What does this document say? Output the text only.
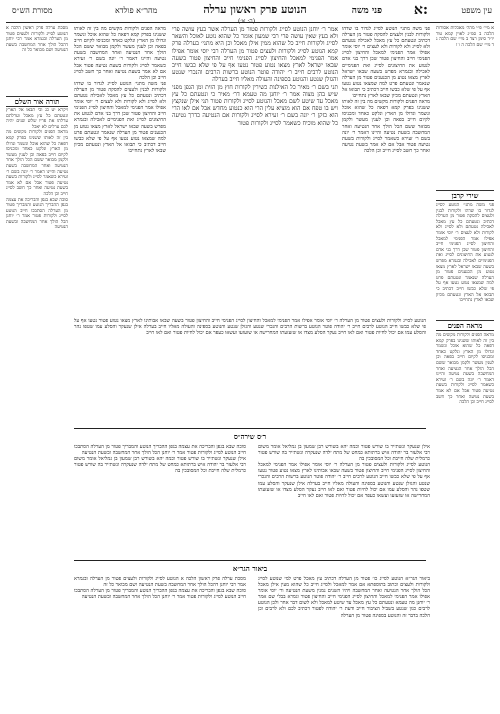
עין משפט
א:
פני משה
הנוטע פרק ראשון ערלה
מהר״א פולדא
מסורת הש״ס
א מיי׳ פ״י מהל׳ מאכלות אסורות הלכה ב סמ״ג לאוין קמא טור יו״ד סימן רצד ב מיי׳ שם הלכה ג ד מיי׳ שם הלכה ה ו ז
שירי קרבן
פני משה מתני׳ הנוטע לסייג לגדור בו שדהו ולקורות לבנין ולעצים להסקה פטור מן הערלה דכתיב ונטעתם כל עץ מאכל לאכילה נטעתם ולא לסייג ולא לקורות ולא לעצים ר׳ יוסי אומר אפילו אמר הפנימי למאכל והחיצון לסייג הפנימי חייב והחיצון פטור שכן דרך בני אדם לנטוע את החיצונים לסייג ואת הפנימיים לאכילה ובגמרא מפרש בשעה שבאו ישראל לארץ מצאו נטוע מן הכנענים פטור מן הערלה שנאמר ונטעתם פרט למה שמצאו נטוע נטעו אף על פי שלא כבשו חייב דכתיב כי תבואו אל הארץ ונטעתם מכיון שבאו לארץ נתחייבו
מראה הפנים
מראה הפנים ולקורות מקשים מה בין זה לאותו ששנינו בפרק קמא דפאה כל שהוא אוכל ונשמר וגדולו מן הארץ ונלקט כאחד ומכניסו לקיום חייב בפאה וכן לענין מעשר ולקמן מבואר ששם הכל הולך אחר הנטיעה ואחר המחשבה בשעת נטיעה והיינו דאמר ר׳ יונה בשם ר׳ זעירא כשאמר לסייג ולקורות בשעת נטיעה פטור אבל אם לא אמר בשעת נטיעה ואחר כך חשב לסייג חייב וכן הלכה
מסכת ערלה פרק ראשון הלכה א הנוטע לסייג ולקורות ולעצים פטור מן הערלה ובגמרא אמר רבי יוחנן דהכל הולך אחר המחשבה בשעת הנטיעה ושם מבואר כל זה
תורה אור השלם
ויקרא יט כג וכי תבאו אל הארץ ונטעתם כל עץ מאכל וערלתם ערלתו את פריו שלש שנים יהיה לכם ערלים לא יאכל
מראה הפנים ולקורות מקשים מה בין זה לאותו ששנינו בפרק קמא דפאה כל שהוא אוכל ונשמר וגדולו מן הארץ ונלקט כאחד ומכניסו לקיום חייב בפאה וכן לענין מעשר ולקמן מבואר ששם הכל הולך אחר הנטיעה ואחר המחשבה בשעת נטיעה והיינו דאמר ר׳ יונה בשם ר׳ זעירא כשאמר לסייג ולקורות בשעת נטיעה פטור אבל אם לא אמר בשעת נטיעה ואחר כך חשב לסייג חייב וכן הלכה
סוכה שבא בגפן והבריכה את עצמה בגפן ההבריך הנוטע והמבריך פטור מן הערלה הסתבכו חייב הנוטע לסייג ולקורות פטור אמר ר׳ יוחנן הכל הולך אחר המחשבה ובשעת הנטיעה
פני משה מתני׳ הנוטע לסייג לגדור בו שדהו ולקורות לבנין ולעצים להסקה פטור מן הערלה דכתיב ונטעתם כל עץ מאכל לאכילה נטעתם ולא לסייג ולא לקורות ולא לעצים ר׳ יוסי אומר אפילו אמר הפנימי למאכל והחיצון לסייג הפנימי חייב והחיצון פטור שכן דרך בני אדם לנטוע את החיצונים לסייג ואת הפנימיים לאכילה ובגמרא מפרש בשעה שבאו ישראל לארץ מצאו נטוע מן הכנענים פטור מן הערלה שנאמר ונטעתם פרט למה שמצאו נטוע נטעו אף על פי שלא כבשו חייב דכתיב כי תבואו אל הארץ ונטעתם מכיון שבאו לארץ נתחייבו
מראה הפנים ולקורות מקשים מה בין זה לאותו ששנינו בפרק קמא דפאה כל שהוא אוכל ונשמר וגדולו מן הארץ ונלקט כאחד ומכניסו לקיום חייב בפאה וכן לענין מעשר ולקמן מבואר ששם הכל הולך אחר הנטיעה ואחר המחשבה בשעת נטיעה והיינו דאמר ר׳ יונה בשם ר׳ זעירא כשאמר לסייג ולקורות בשעת נטיעה פטור אבל אם לא אמר בשעת נטיעה ואחר כך חשב לסייג חייב וכן הלכה
מראה הפנים ולקורות מקשים מה בין זה לאותו ששנינו בפרק קמא דפאה כל שהוא אוכל ונשמר וגדולו מן הארץ ונלקט כאחד ומכניסו לקיום חייב בפאה וכן לענין מעשר ולקמן מבואר ששם הכל הולך אחר הנטיעה ואחר המחשבה בשעת נטיעה והיינו דאמר ר׳ יונה בשם ר׳ זעירא כשאמר לסייג ולקורות בשעת נטיעה פטור אבל אם לא אמר בשעת נטיעה ואחר כך חשב לסייג חייב וכן הלכה
פני משה מתני׳ הנוטע לסייג לגדור בו שדהו ולקורות לבנין ולעצים להסקה פטור מן הערלה דכתיב ונטעתם כל עץ מאכל לאכילה נטעתם ולא לסייג ולא לקורות ולא לעצים ר׳ יוסי אומר אפילו אמר הפנימי למאכל והחיצון לסייג הפנימי חייב והחיצון פטור שכן דרך בני אדם לנטוע את החיצונים לסייג ואת הפנימיים לאכילה ובגמרא מפרש בשעה שבאו ישראל לארץ מצאו נטוע מן הכנענים פטור מן הערלה שנאמר ונטעתם פרט למה שמצאו נטוע נטעו אף על פי שלא כבשו חייב דכתיב כי תבואו אל הארץ ונטעתם מכיון שבאו לארץ נתחייבו
אמר ר׳ יוחנן הנוטע לסייג ולקורות פטור מן הערלה אשר בעץ עושה פרי ולא בעץ שאין עושה פרי רבי שמעון אומר כל שהוא נוטע לאוכל והשאר לסייג ולקורות חייב כל שהוא ממין אילן מאכל וכן היא מתני׳ בערלה פרק קמא הנוטע לסייג ולקורות ולעצים פטור מן הערלה רבי יוסי אומר אפילו אמר הפנימי למאכל והחיצון לסייג הפנימי חייב והחיצון פטור בשעה שבאו ישראל לארץ מצאו נטוע פטור נטעו אף על פי שלא כבשו חייב הנוטע לרבים חייב ר׳ יהודה פוטר הנוטע ברשות הרבים והנכרי שנטע והגזלן שנטע והנוטע בספינה והעולה מאליו חייב בערלה
תני בשם ר׳ מאיר כל האילנות כשירין לקורות חוץ מן הזית ומן הגפן מפני שיש בהן מצוה אמר ר׳ יוחנן מה טעמא דר׳ מאיר כי ונטעתם כל עץ מאכל עד שיטע לשם מאכל והנוטע לסייג ולקורות פטור תני אילן שנקצץ ויש בו טפח אם הוא מוציא עלין הרי הוא כנטוע מחדש אבל אם לאו הרי הוא כזקן ר׳ יונה בשם ר׳ זעירא לסייג ולקורות אם הנטיעה כדרך נטיעה כל שהוא מוכיח כשאמר לסייג ולקורות פטור
הנוטע לסייג ולקורות ולעצים פטור מן הערלה ר׳ יוסי אומר אפילו אמר הפנימי למאכל והחיצון לסייג הפנימי חייב והחיצון פטור בשעה שבאו אבותינו לארץ מצאו נטוע פטור נטעו אף על פי שלא כבשו חייב הנוטע לרבים חייב ר׳ יהודה פוטר הנוטע ברשות הרבים והנכרי שנטע והגזלן שנטע והנוטע בספינה והעולה מאליו חייב בערלה אילן שנעקר והסלע עמו שטפו נהר והסלע עמו אם יכול לחיות פטור ואם לאו חייב נעקר הסלע מצדו או שזעזעתו המחרישה או שזעזעו ועשאו כעפר אם יכול לחיות פטור ואם לאו חייב
ר׳ס שירה״ס
אילן שנעקר ונשתייר בו שורש פטור וכמה יהא בשורש רבן שמעון בן גמליאל אומר משום רבי אלעזר בר יהודה איש ברתותא כמחט של מתח ילדה שנעקרה ונשתייר בה שורש פטור כרמלית שלה חייבת וכל המסובכין בה
הנוטע לסייג ולקורות ולעצים פטור מן הערלה ר׳ יוסי אומר אפילו אמר הפנימי למאכל והחיצון לסייג הפנימי חייב והחיצון פטור בשעה שבאו אבותינו לארץ מצאו נטוע פטור נטעו אף על פי שלא כבשו חייב הנוטע לרבים חייב ר׳ יהודה פוטר הנוטע ברשות הרבים והנכרי שנטע והגזלן שנטע והנוטע בספינה והעולה מאליו חייב בערלה אילן שנעקר והסלע עמו שטפו נהר והסלע עמו אם יכול לחיות פטור ואם לאו חייב נעקר הסלע מצדו או שזעזעתו המחרישה או שזעזעו ועשאו כעפר אם יכול לחיות פטור ואם לאו חייב
סוכה שבא בגפן והבריכה את עצמה בגפן ההבריך הנוטע והמבריך פטור מן הערלה הסתבכו חייב הנוטע לסייג ולקורות פטור אמר ר׳ יוחנן הכל הולך אחר המחשבה ובשעת הנטיעה
אילן שנעקר ונשתייר בו שורש פטור וכמה יהא בשורש רבן שמעון בן גמליאל אומר משום רבי אלעזר בר יהודה איש ברתותא כמחט של מתח ילדה שנעקרה ונשתייר בה שורש פטור כרמלית שלה חייבת וכל המסובכין בה
ביאור הגר״א
ביאור הגר״א הנוטע לסייג כו׳ פטור מן הערלה דכתיב עץ מאכל פרט למי שנוטע לסייג ולקורות ולעצים וכתוב בתוספתא אם אמר למאכל ולסייג חייב כל שהוא מעין אילן מאכל הכל הולך אחר הנטיעה ואחר המחשבה ויהיו השנים נמנין משעת הנטיעה ור׳ יוסי אומר אפילו אמר הפנימי למאכל והחיצון לסייג הפנימי חייב והחיצון פטור וגמרא בבלי שם אמר ר׳ יוחנן מה טעמא ונטעתם כל עץ מאכל עד שיטע למאכל ולא לשום דבר אחר ולכן הנוטע לרבים כגון שנטע בשביל הציבור חייב ודעת ר׳ יהודה לפטור דכתיב לכם ולא לרבים וכן הלכה בדבר זה והנוטע בספינה פטור מן הערלה
מסכת ערלה פרק ראשון הלכה א הנוטע לסייג ולקורות ולעצים פטור מן הערלה ובגמרא אמר רבי יוחנן דהכל הולך אחר המחשבה בשעת הנטיעה ושם מבואר כל זה
סוכה שבא בגפן והבריכה את עצמה בגפן ההבריך הנוטע והמבריך פטור מן הערלה הסתבכו חייב הנוטע לסייג ולקורות פטור אמר ר׳ יוחנן הכל הולך אחר המחשבה ובשעת הנטיעה
